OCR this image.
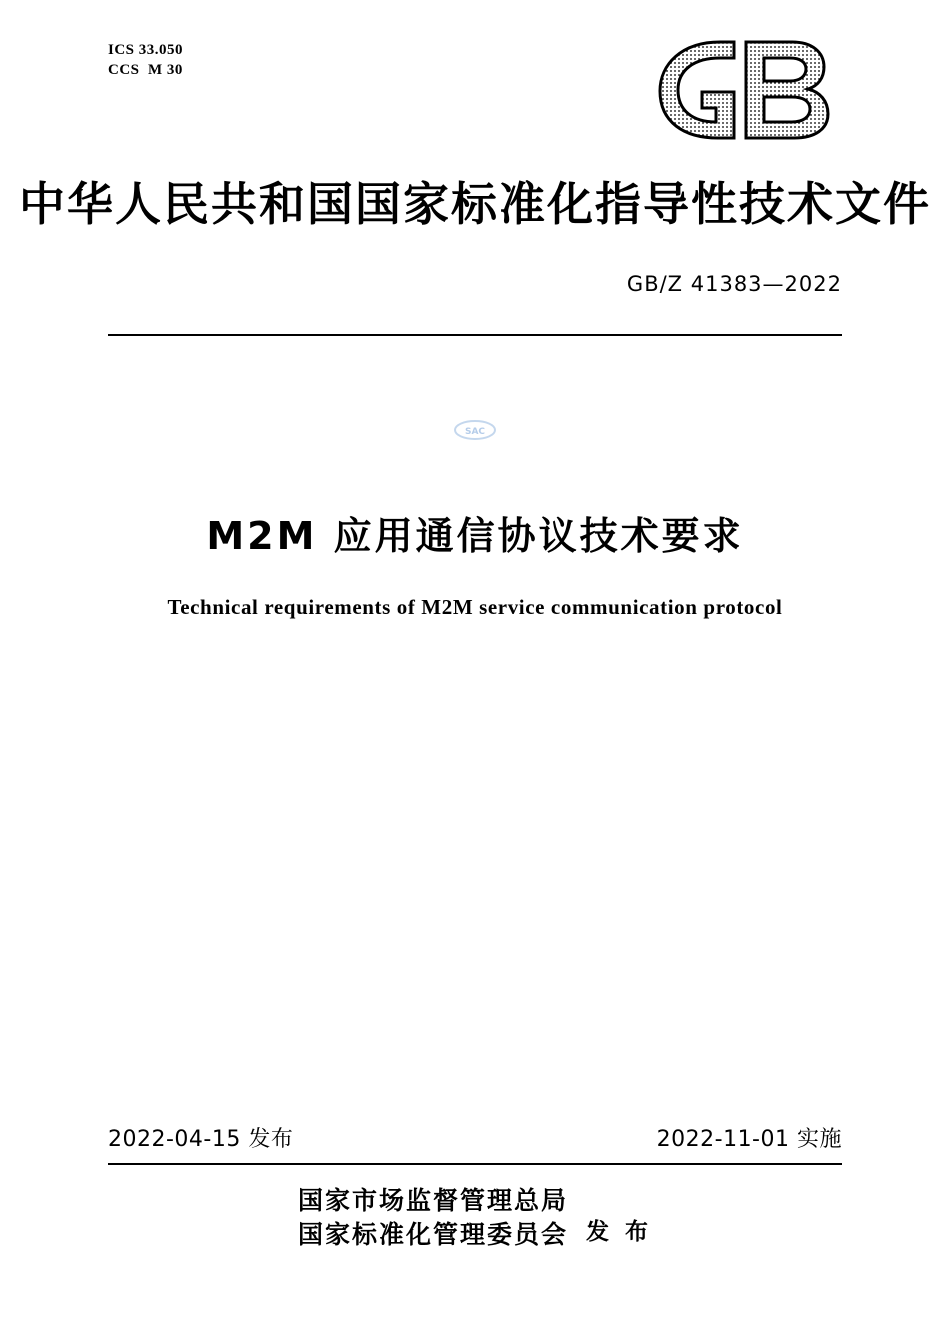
ICS 33.050
CCS  M 30
中华人民共和国国家标准化指导性技术文件
GB/Z 41383—2022
SAC
M2M 应用通信协议技术要求
Technical requirements of M2M service communication protocol
2022-04-15 发布	2022-11-01 实施
国家市场监督管理总局
国家标准化管理委员会 发 布
